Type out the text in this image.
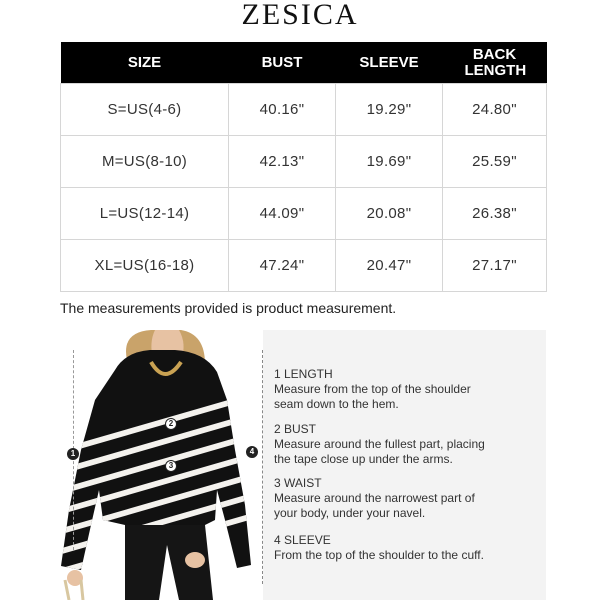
ZESICA
SIZE	BUST	SLEEVE	BACK LENGTH

S=US(4-6)	40.16"	19.29"	24.80"
M=US(8-10)	42.13"	19.69"	25.59"
L=US(12-14)	44.09"	20.08"	26.38"
XL=US(16-18)	47.24"	20.47"	27.17"
The measurements provided is product measurement.
1
2
3
4
1 LENGTH
Measure from the top of the shoulder seam down to the hem.
2 BUST
Measure around the fullest part, placing the tape close up under the arms.
3 WAIST
Measure around the narrowest part of your body, under your navel.
4 SLEEVE
From the top of the shoulder to the cuff.
